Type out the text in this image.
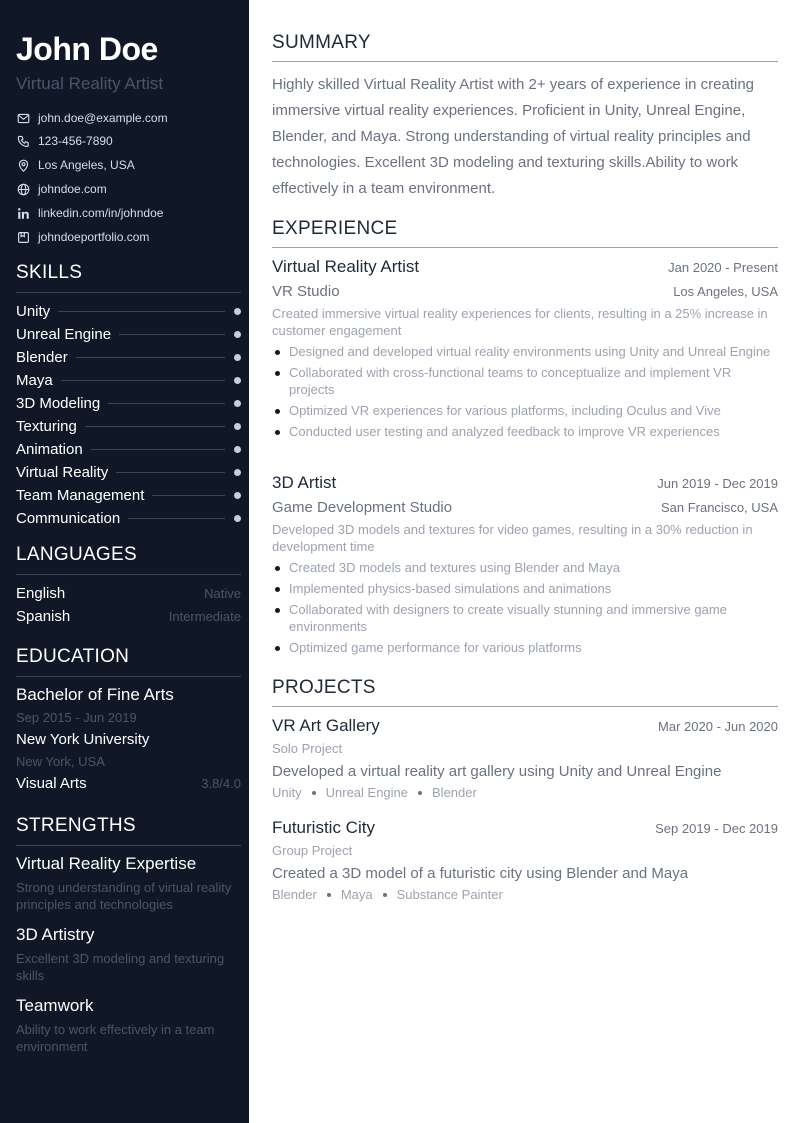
John Doe
Virtual Reality Artist
john.doe@example.com
123-456-7890
Los Angeles, USA
johndoe.com
linkedin.com/in/johndoe
johndoeportfolio.com
SKILLS
Unity
Unreal Engine
Blender
Maya
3D Modeling
Texturing
Animation
Virtual Reality
Team Management
Communication
LANGUAGES
English	Native
Spanish	Intermediate
EDUCATION
Bachelor of Fine Arts
Sep 2015 - Jun 2019
New York University
New York, USA
Visual Arts	3.8/4.0
STRENGTHS
Virtual Reality Expertise
Strong understanding of virtual reality principles and technologies
3D Artistry
Excellent 3D modeling and texturing skills
Teamwork
Ability to work effectively in a team environment
SUMMARY
Highly skilled Virtual Reality Artist with 2+ years of experience in creating immersive virtual reality experiences. Proficient in Unity, Unreal Engine, Blender, and Maya. Strong understanding of virtual reality principles and technologies. Excellent 3D modeling and texturing skills.Ability to work effectively in a team environment.
EXPERIENCE
Virtual Reality Artist	Jan 2020 - Present
VR Studio	Los Angeles, USA
Created immersive virtual reality experiences for clients, resulting in a 25% increase in customer engagement
Designed and developed virtual reality environments using Unity and Unreal Engine
Collaborated with cross-functional teams to conceptualize and implement VR projects
Optimized VR experiences for various platforms, including Oculus and Vive
Conducted user testing and analyzed feedback to improve VR experiences
3D Artist	Jun 2019 - Dec 2019
Game Development Studio	San Francisco, USA
Developed 3D models and textures for video games, resulting in a 30% reduction in development time
Created 3D models and textures using Blender and Maya
Implemented physics-based simulations and animations
Collaborated with designers to create visually stunning and immersive game environments
Optimized game performance for various platforms
PROJECTS
VR Art Gallery	Mar 2020 - Jun 2020
Solo Project
Developed a virtual reality art gallery using Unity and Unreal Engine
Unity Unreal Engine Blender
Futuristic City	Sep 2019 - Dec 2019
Group Project
Created a 3D model of a futuristic city using Blender and Maya
Blender Maya Substance Painter
